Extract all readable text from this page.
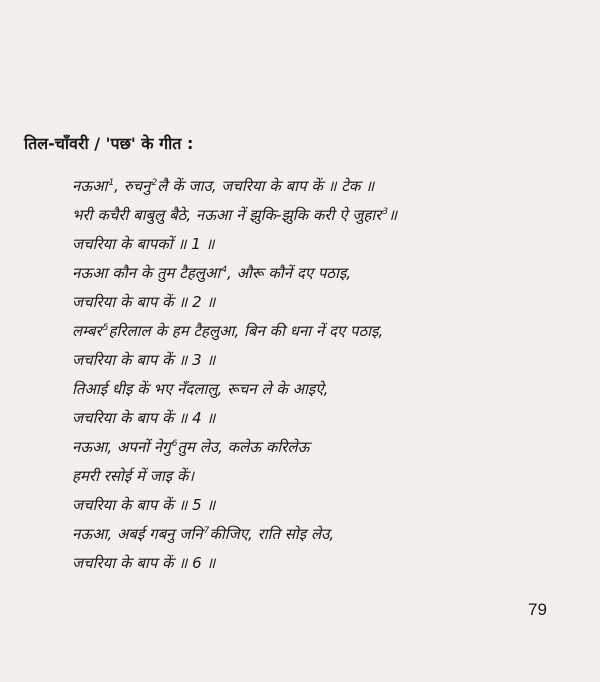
तिल-चाँवरी / 'पछ' के गीत :
नऊआ$^1$ , रुचनु$^2$ लै कें जाउ, जचरिया के बाप कें ॥ टेक ॥
भरी कचैरी बाबुलु बैठे, नऊआ नें झुकि-झुकि करी ऐ जुहार$^3$ ॥
जचरिया के बापकों ॥ 1 ॥
नऊआ कौन के तुम टैहलुआ$^4$ , औरू कौनें दए पठाइ,
जचरिया के बाप कें ॥ 2 ॥
लम्बर$^5$ हरिलाल के हम टैहलुआ, बिन की धना नें दए पठाइ,
जचरिया के बाप कें ॥ 3 ॥
तिआई धीइ कें भए नँदलालु, रूचन ले के आइऐ,
जचरिया के बाप कें ॥ 4 ॥
नऊआ, अपनों नेगु$^6$ तुम लेउ, कलेऊ करिलेऊ
हमरी रसोई में जाइ कें।
जचरिया के बाप कें ॥ 5 ॥
नऊआ, अबई गबनु जनि$^7$ कीजिए, राति सोइ लेउ,
जचरिया के बाप कें ॥ 6 ॥
79
